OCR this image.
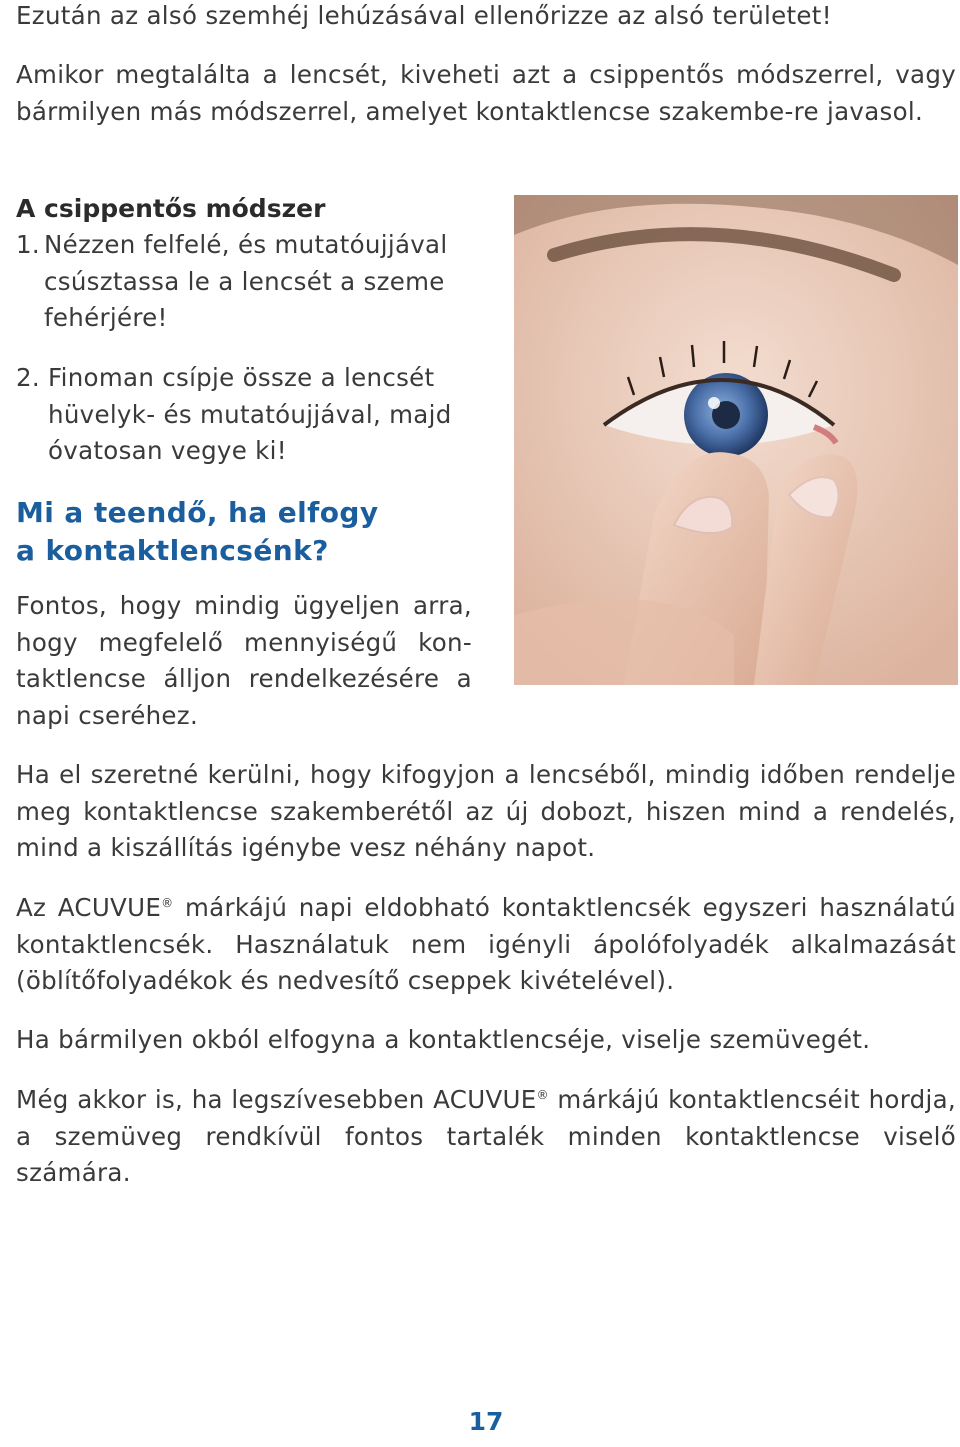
Ezután az alsó szemhéj lehúzásával ellenőrizze az alsó területet!

Amikor megtalálta a lencsét, kiveheti azt a csippentős módszerrel, vagy bármilyen más módszerrel, amelyet kontaktlencse szakembe-re javasol.

A csippentős módszer
1. Nézzen felfelé, és mutatóujjával csúsztassa le a lencsét a szeme fehérjére!
2. Finoman csípje össze a lencsét hüvelyk- és mutatóujjával, majd óvatosan vegye ki!
Mi a teendő, ha elfogy
a kontaktlencsénk?

Fontos, hogy mindig ügyeljen arra, hogy megfelelő mennyiségű kon-taktlencse álljon rendelkezésére a napi cseréhez.

Ha el szeretné kerülni, hogy kifogyjon a lencséből, mindig időben rendelje meg kontaktlencse szakemberétől az új dobozt, hiszen mind a rendelés, mind a kiszállítás igénybe vesz néhány napot.

Az ACUVUE® márkájú napi eldobható kontaktlencsék egyszeri használatú kontaktlencsék. Használatuk nem igényli ápolófolyadék alkalmazását (öblítőfolyadékok és nedvesítő cseppek kivételével).

Ha bármilyen okból elfogyna a kontaktlencséje, viselje szemüvegét.

Még akkor is, ha legszívesebben ACUVUE® márkájú kontaktlencséit hordja, a szemüveg rendkívül fontos tartalék minden kontaktlencse viselő számára.

17
